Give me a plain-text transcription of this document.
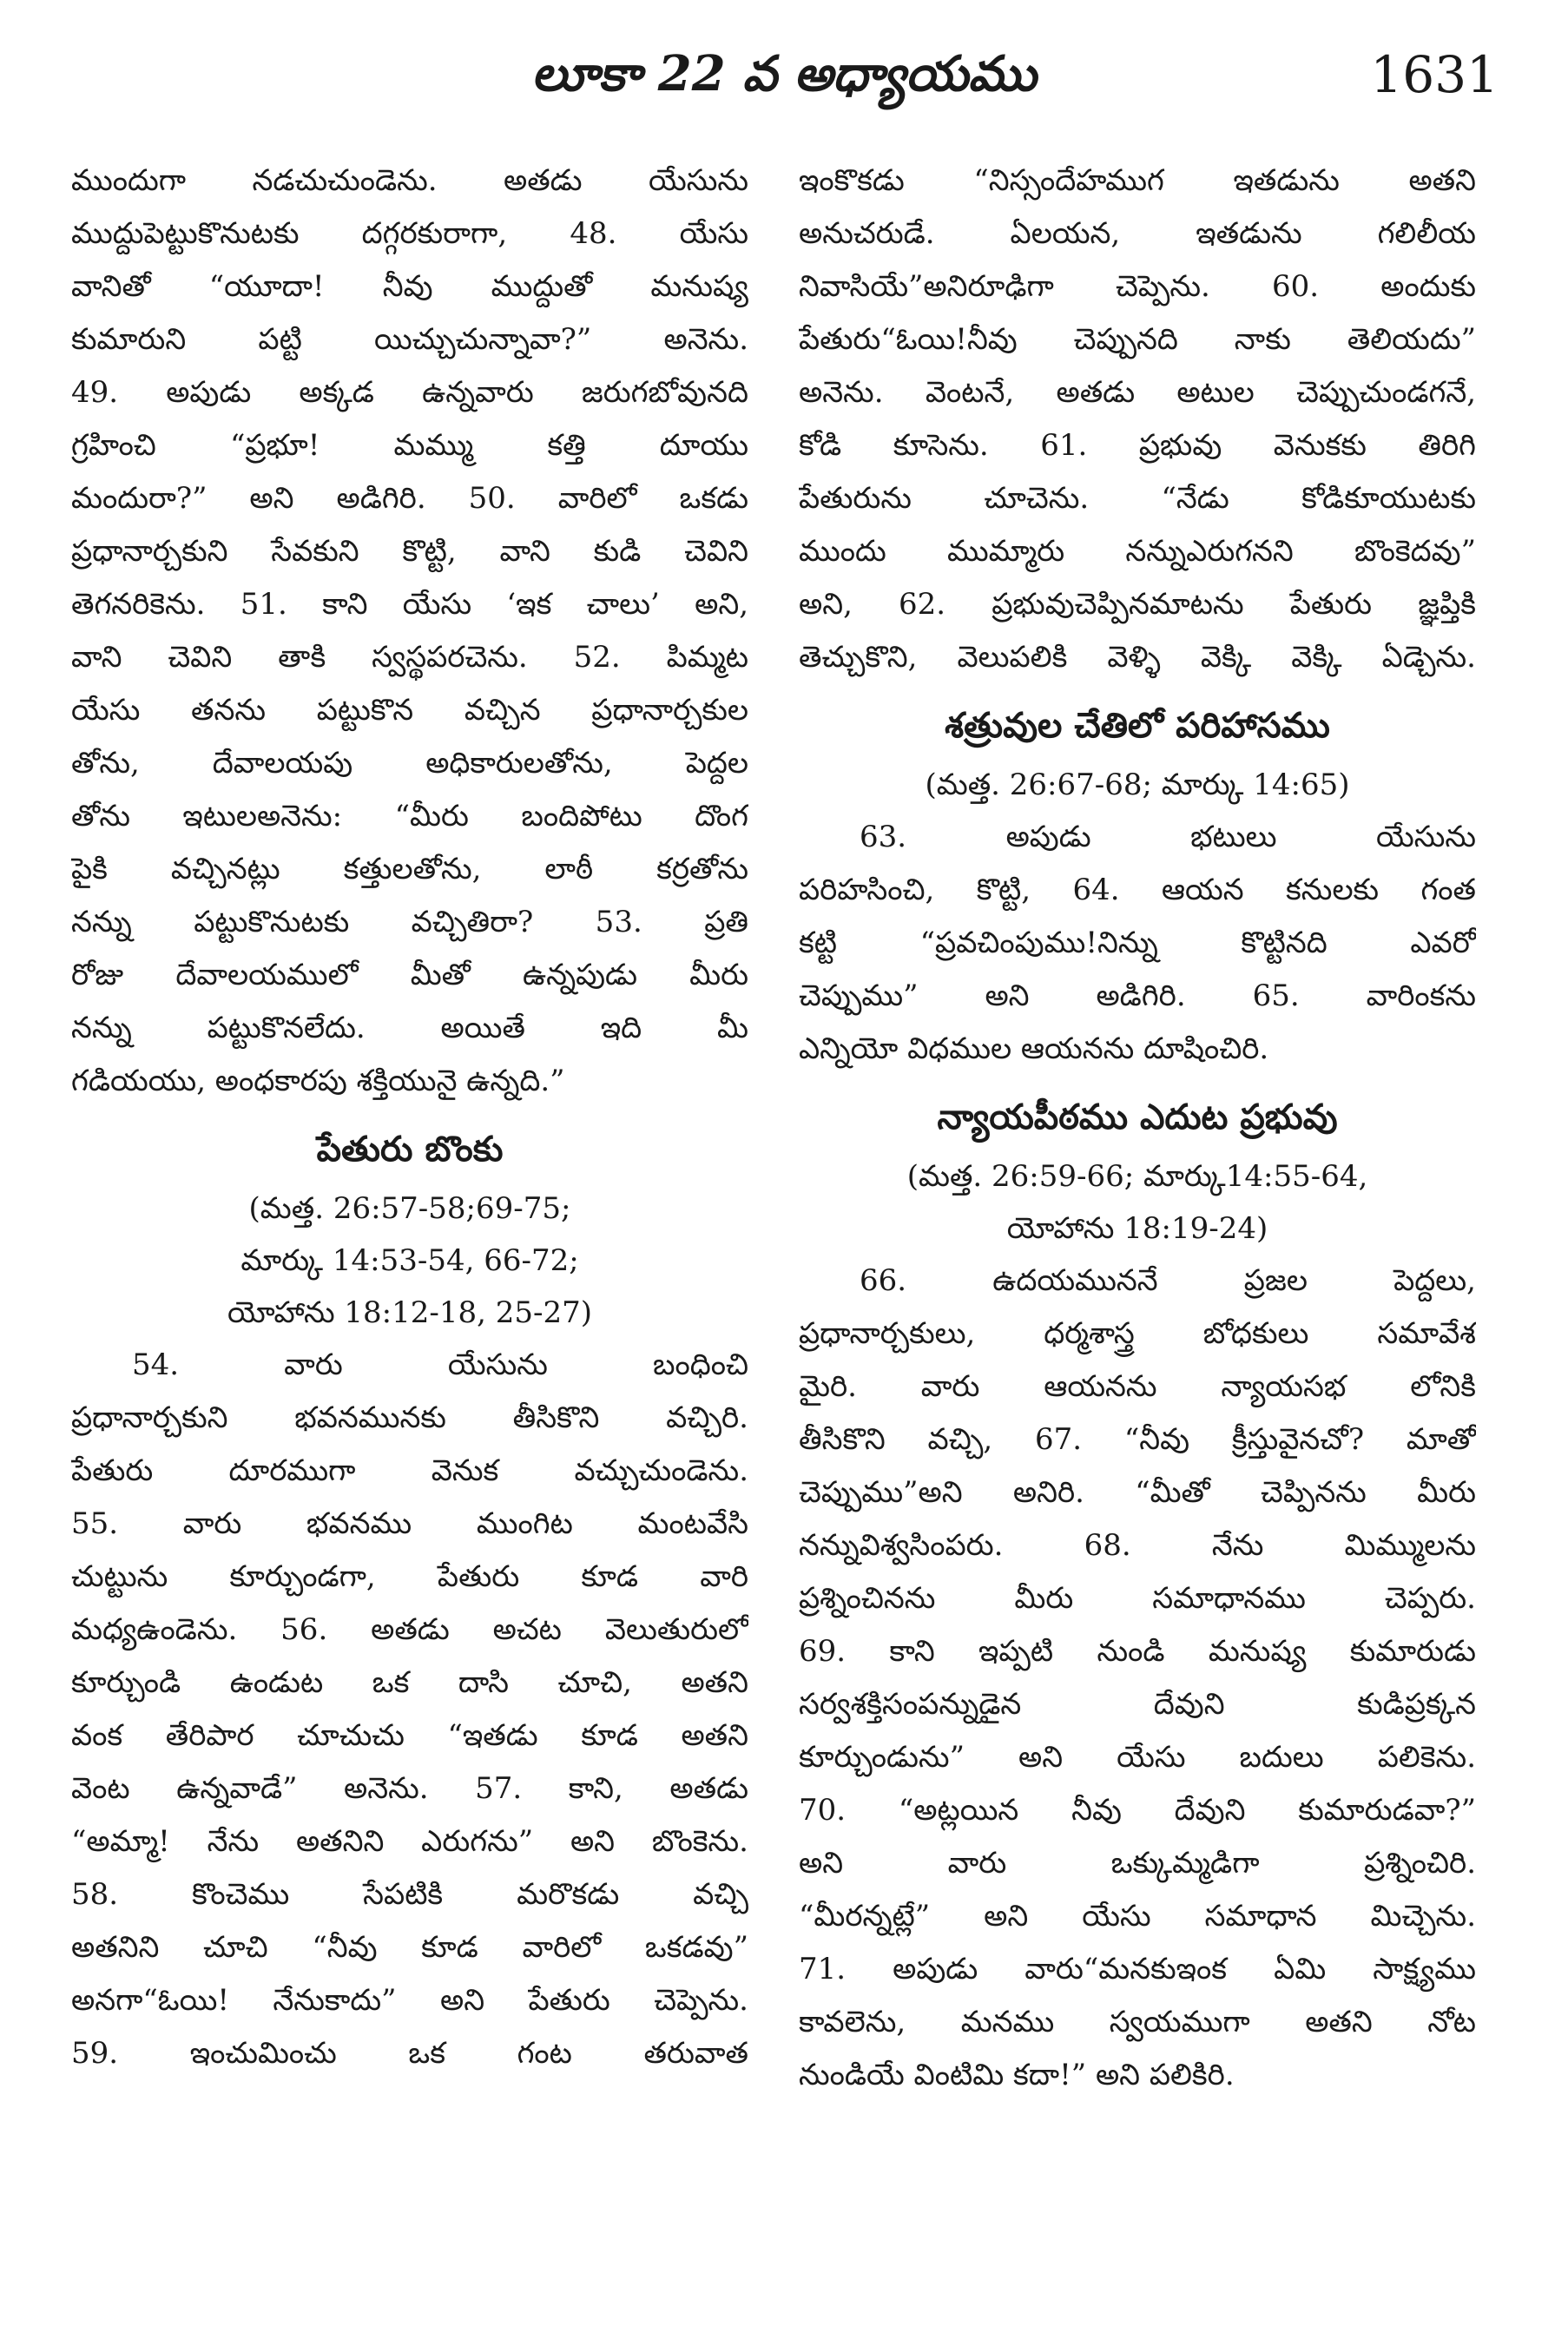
లూకా 22 వ అధ్యాయము	1631
ముందుగా నడచుచుండెను. అతడు యేసును
ముద్దుపెట్టుకొనుటకు దగ్గరకురాగా, 48. యేసు
వానితో “యూదా! నీవు ముద్దుతో మనుష్య
కుమారుని పట్టి యిచ్చుచున్నావా?” అనెను.
49. అపుడు అక్కడ ఉన్నవారు జరుగబోవునది
గ్రహించి “ప్రభూ! మమ్ము కత్తి దూయు
మందురా?” అని అడిగిరి. 50. వారిలో ఒకడు
ప్రధానార్చకుని సేవకుని కొట్టి, వాని కుడి చెవిని
తెగనరికెను. 51. కాని యేసు ‘ఇక చాలు’ అని,
వాని చెవిని తాకి స్వస్థపరచెను. 52. పిమ్మట
యేసు తనను పట్టుకొన వచ్చిన ప్రధానార్చకుల
తోను, దేవాలయపు అధికారులతోను, పెద్దల
తోను ఇటులఅనెను: “మీరు బందిపోటు దొంగ
పైకి వచ్చినట్లు కత్తులతోను, లాఠీ కర్రతోను
నన్ను పట్టుకొనుటకు వచ్చితిరా? 53. ప్రతి
రోజు దేవాలయములో మీతో ఉన్నపుడు మీరు
నన్ను పట్టుకొనలేదు. అయితే ఇది మీ
గడియయు, అంధకారపు శక్తియునై ఉన్నది.”
పేతురు బొంకు
(మత్త. 26:57-58;69-75;
మార్కు 14:53-54, 66-72;
యోహాను 18:12-18, 25-27)
54. వారు యేసును బంధించి
ప్రధానార్చకుని భవనమునకు తీసికొని వచ్చిరి.
పేతురు దూరముగా వెనుక వచ్చుచుండెను.
55. వారు భవనము ముంగిట మంటవేసి
చుట్టును కూర్చుండగా, పేతురు కూడ వారి
మధ్యఉండెను. 56. అతడు అచట వెలుతురులో
కూర్చుండి ఉండుట ఒక దాసి చూచి, అతని
వంక తేరిపార చూచుచు “ఇతడు కూడ అతని
వెంట ఉన్నవాడే” అనెను. 57. కాని, అతడు
“అమ్మా! నేను అతనిని ఎరుగను” అని బొంకెను.
58. కొంచెము సేపటికి మరొకడు వచ్చి
అతనిని చూచి “నీవు కూడ వారిలో ఒకడవు”
అనగా“ఓయి! నేనుకాదు” అని పేతురు చెప్పెను.
59. ఇంచుమించు ఒక గంట తరువాత
ఇంకొకడు “నిస్సందేహముగ ఇతడును అతని
అనుచరుడే. ఏలయన, ఇతడును గలిలీయ
నివాసియే”అనిరూఢిగా చెప్పెను. 60. అందుకు
పేతురు“ఓయి!నీవు చెప్పునది నాకు తెలియదు”
అనెను. వెంటనే, అతడు అటుల చెప్పుచుండగనే,
కోడి కూసెను. 61. ప్రభువు వెనుకకు తిరిగి
పేతురును చూచెను. “నేడు కోడికూయుటకు
ముందు ముమ్మారు నన్నుఎరుగనని బొంకెదవు”
అని, 62. ప్రభువుచెప్పినమాటను పేతురు జ్ఞప్తికి
తెచ్చుకొని, వెలుపలికి వెళ్ళి వెక్కి వెక్కి ఏడ్చెను.
శత్రువుల చేతిలో పరిహాసము
(మత్త. 26:67-68; మార్కు 14:65)
63. అపుడు భటులు యేసును
పరిహసించి, కొట్టి, 64. ఆయన కనులకు గంత
కట్టి “ప్రవచింపుము!నిన్ను కొట్టినది ఎవరో
చెప్పుము” అని అడిగిరి. 65. వారింకను
ఎన్నియో విధముల ఆయనను దూషించిరి.
న్యాయపీఠము ఎదుట ప్రభువు
(మత్త. 26:59-66; మార్కు14:55-64,
యోహాను 18:19-24)
66. ఉదయముననే ప్రజల పెద్దలు,
ప్రధానార్చకులు, ధర్మశాస్త్ర బోధకులు సమావేశ
మైరి. వారు ఆయనను న్యాయసభ లోనికి
తీసికొని వచ్చి, 67. “నీవు క్రీస్తువైనచో? మాతో
చెప్పుము”అని అనిరి. “మీతో చెప్పినను మీరు
నన్నువిశ్వసింపరు. 68. నేను మిమ్ములను
ప్రశ్నించినను మీరు సమాధానము చెప్పరు.
69. కాని ఇప్పటి నుండి మనుష్య కుమారుడు
సర్వశక్తిసంపన్నుడైన దేవుని కుడిప్రక్కన
కూర్చుండును” అని యేసు బదులు పలికెను.
70. “అట్లయిన నీవు దేవుని కుమారుడవా?”
అని వారు ఒక్కుమ్మడిగా ప్రశ్నించిరి.
“మీరన్నట్లే” అని యేసు సమాధాన మిచ్చెను.
71. అపుడు వారు“మనకుఇంక ఏమి సాక్ష్యము
కావలెను, మనము స్వయముగా అతని నోట
నుండియే వింటిమి కదా!” అని పలికిరి.
